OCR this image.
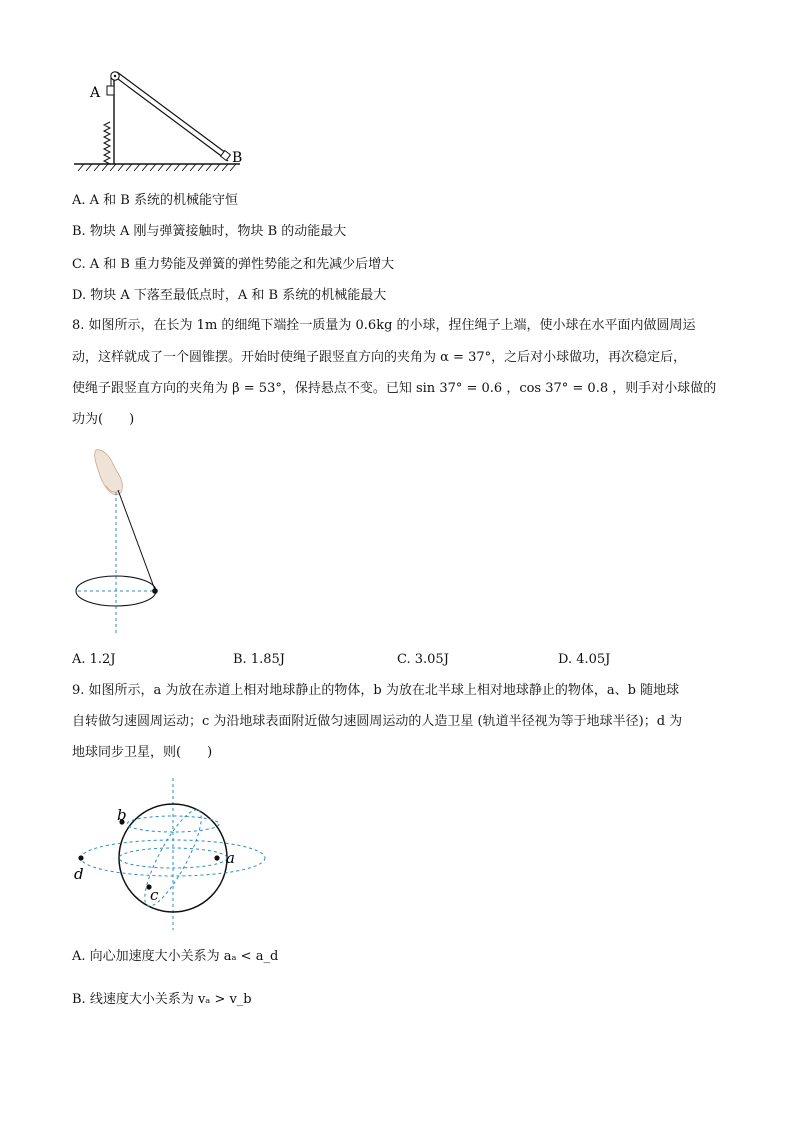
A
B
A. A 和 B 系统的机械能守恒
B. 物块 A 刚与弹簧接触时，物块 B 的动能最大
C. A 和 B 重力势能及弹簧的弹性势能之和先减少后增大
D. 物块 A 下落至最低点时，A 和 B 系统的机械能最大
8. 如图所示，在长为 1m 的细绳下端拴一质量为 0.6kg 的小球，捏住绳子上端，使小球在水平面内做圆周运
动，这样就成了一个圆锥摆。开始时使绳子跟竖直方向的夹角为 α = 37°，之后对小球做功，再次稳定后，
使绳子跟竖直方向的夹角为 β = 53°，保持悬点不变。已知 sin 37° = 0.6 ，cos 37° = 0.8 ，则手对小球做的
功为(　　)
A. 1.2J	B. 1.85J	C. 3.05J	D. 4.05J
9. 如图所示，a 为放在赤道上相对地球静止的物体，b 为放在北半球上相对地球静止的物体，a、b 随地球
自转做匀速圆周运动；c 为沿地球表面附近做匀速圆周运动的人造卫星 (轨道半径视为等于地球半径)；d 为
地球同步卫星，则(　　)
b
a
c
d
A. 向心加速度大小关系为 aₐ < a_d
B. 线速度大小关系为 vₐ > v_b
